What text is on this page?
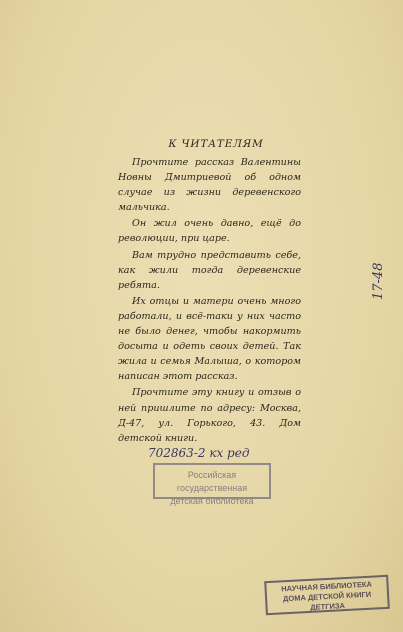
К ЧИТАТЕЛЯМ

Прочтите рассказ Валентины Новны Дмитриевой об одном случае из жизни деревенского мальчика.

Он жил очень давно, ещё до революции, при царе.

Вам трудно представить себе, как жили тогда деревенские ребята.

Их отцы и матери очень много работали, и всё-таки у них часто не было денег, чтобы накормить досыта и одеть своих детей. Так жила и семья Малыша, о котором написан этот рассказ.

Прочтите эту книгу и отзыв о ней пришлите по адресу: Москва, Д-47, ул. Горького, 43. Дом детской книги.

17-48
702863-2 кх ред
Российская государственная
детская библиотека
НАУЧНАЯ БИБЛИОТЕКА
ДОМА ДЕТСКОЙ КНИГИ
ДЕТГИЗА
